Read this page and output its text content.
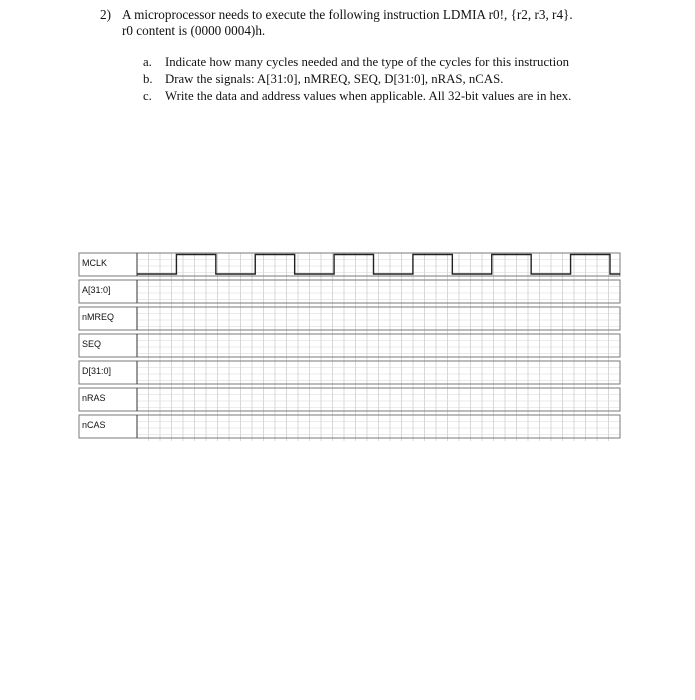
2) A microprocessor needs to execute the following instruction LDMIA r0!, {r2, r3, r4}.
r0 content is (0000 0004)h.
a. Indicate how many cycles needed and the type of the cycles for this instruction
b. Draw the signals: A[31:0], nMREQ, SEQ, D[31:0], nRAS, nCAS.
c. Write the data and address values when applicable. All 32-bit values are in hex.
MCLK
A[31:0]
nMREQ
SEQ
D[31:0]
nRAS
nCAS
